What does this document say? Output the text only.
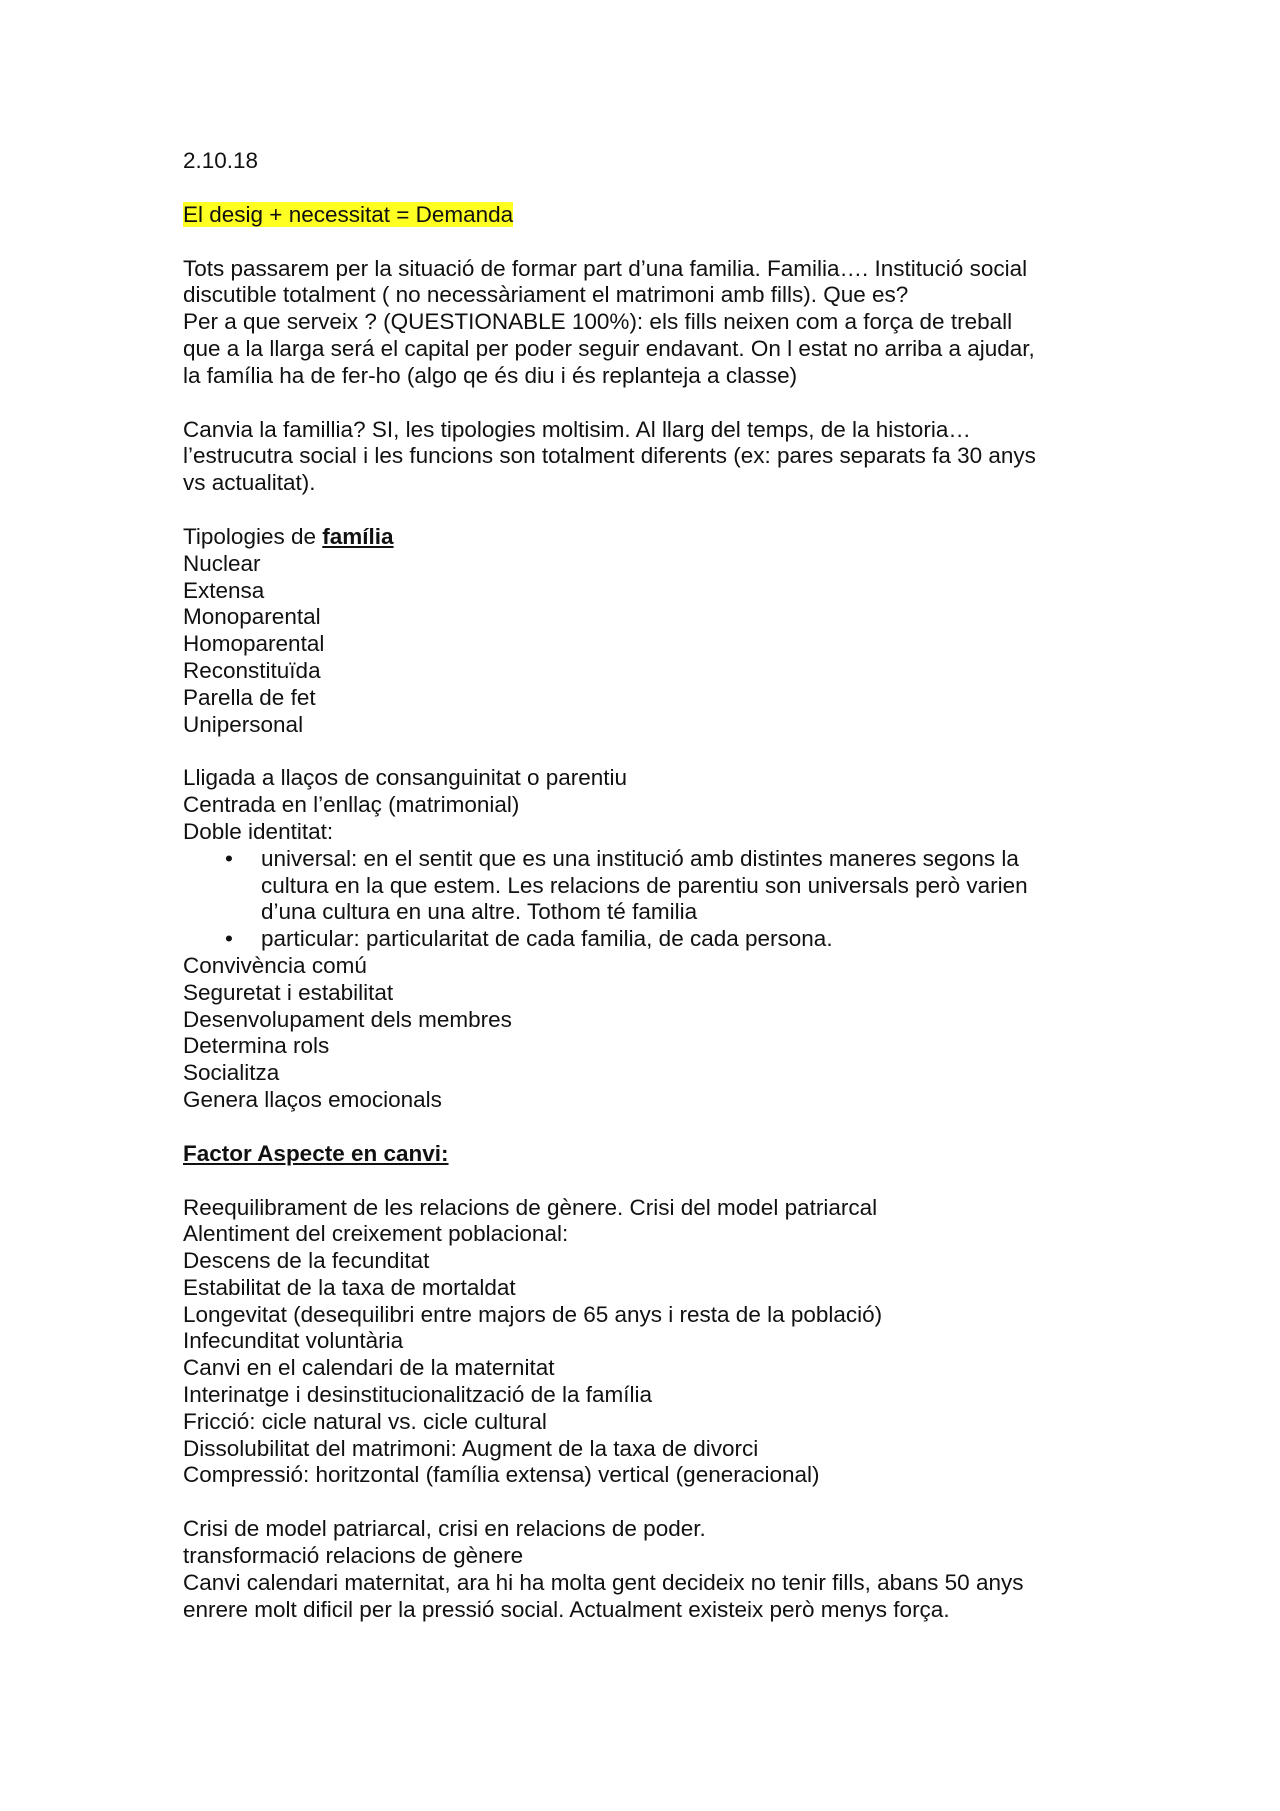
2.10.18
El desig + necessitat = Demanda
Tots passarem per la situació de formar part d’una familia. Familia…. Institució social
discutible totalment ( no necessàriament el matrimoni amb fills). Que es?
Per a que serveix ? (QUESTIONABLE 100%): els fills neixen com a força de treball
que a la llarga será el capital per poder seguir endavant. On l estat no arriba a ajudar,
la família ha de fer-ho (algo qe és diu i és replanteja a classe)
Canvia la famillia? SI, les tipologies moltisim. Al llarg del temps, de la historia…
l’estrucutra social i les funcions son totalment diferents (ex: pares separats fa 30 anys
vs actualitat).
Tipologies de família
Nuclear
Extensa
Monoparental
Homoparental
Reconstituïda
Parella de fet
Unipersonal
Lligada a llaços de consanguinitat o parentiu
Centrada en l’enllaç (matrimonial)
Doble identitat:
• universal: en el sentit que es una institució amb distintes maneres segons la
cultura en la que estem. Les relacions de parentiu son universals però varien
d’una cultura en una altre. Tothom té familia
• particular: particularitat de cada familia, de cada persona.
Convivència comú
Seguretat i estabilitat
Desenvolupament dels membres
Determina rols
Socialitza
Genera llaços emocionals
Factor Aspecte en canvi:
Reequilibrament de les relacions de gènere. Crisi del model patriarcal
Alentiment del creixement poblacional:
Descens de la fecunditat
Estabilitat de la taxa de mortaldat
Longevitat (desequilibri entre majors de 65 anys i resta de la població)
Infecunditat voluntària
Canvi en el calendari de la maternitat
Interinatge i desinstitucionalització de la família
Fricció: cicle natural vs. cicle cultural
Dissolubilitat del matrimoni: Augment de la taxa de divorci
Compressió: horitzontal (família extensa) vertical (generacional)
Crisi de model patriarcal, crisi en relacions de poder.
transformació relacions de gènere
Canvi calendari maternitat, ara hi ha molta gent decideix no tenir fills, abans 50 anys
enrere molt dificil per la pressió social. Actualment existeix però menys força.
